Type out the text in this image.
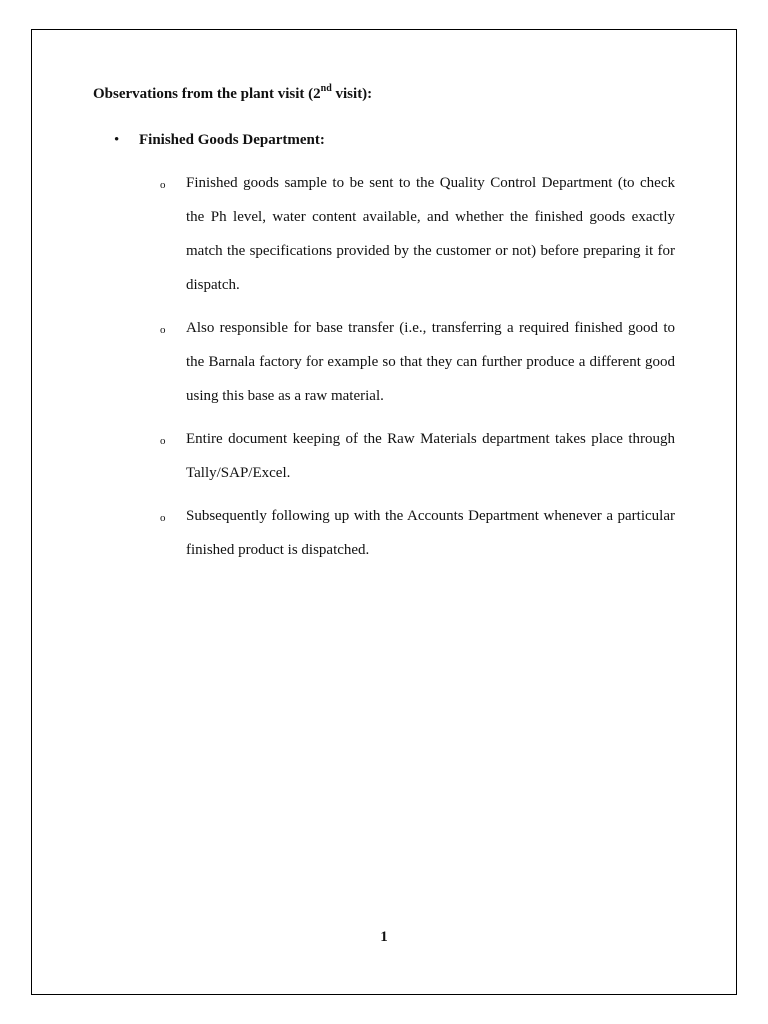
Observations from the plant visit (2nd visit):
• Finished Goods Department:
o Finished goods sample to be sent to the Quality Control Department (to check the Ph level, water content available, and whether the finished goods exactly match the specifications provided by the customer or not) before preparing it for dispatch.
o Also responsible for base transfer (i.e., transferring a required finished good to the Barnala factory for example so that they can further produce a different good using this base as a raw material.
o Entire document keeping of the Raw Materials department takes place through Tally/SAP/Excel.
o Subsequently following up with the Accounts Department whenever a particular finished product is dispatched.
1
